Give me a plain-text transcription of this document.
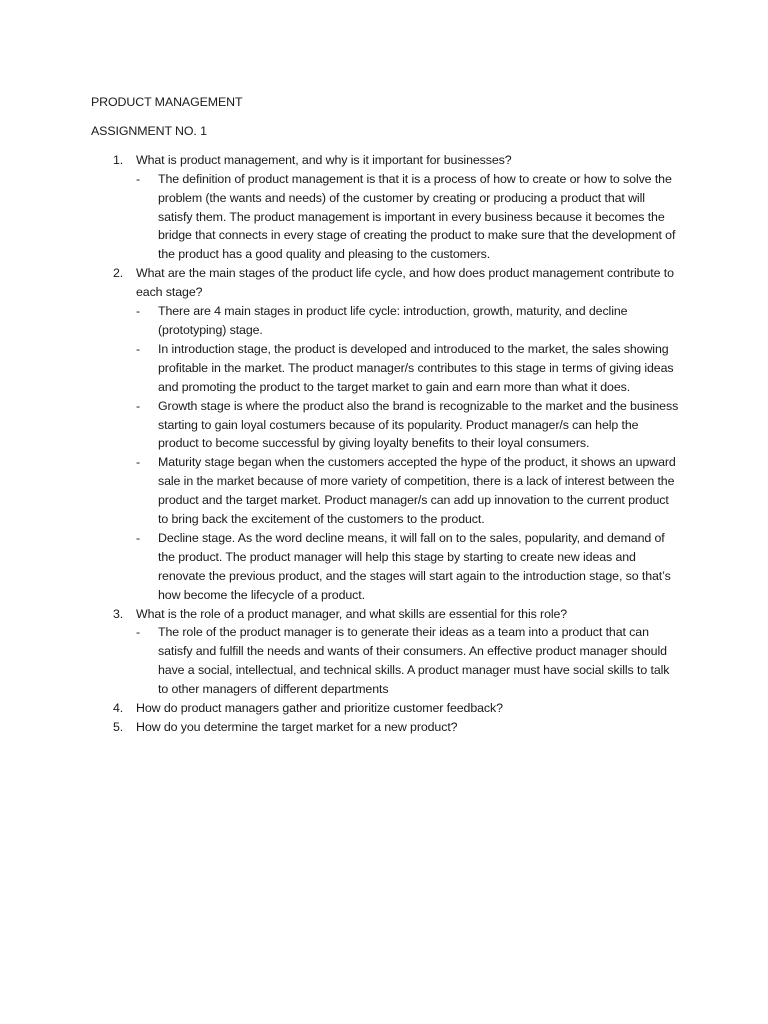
PRODUCT MANAGEMENT

ASSIGNMENT NO. 1

1. What is product management, and why is it important for businesses?
- The definition of product management is that it is a process of how to create or how to solve the problem (the wants and needs) of the customer by creating or producing a product that will satisfy them. The product management is important in every business because it becomes the bridge that connects in every stage of creating the product to make sure that the development of the product has a good quality and pleasing to the customers.
2. What are the main stages of the product life cycle, and how does product management contribute to each stage?
- There are 4 main stages in product life cycle: introduction, growth, maturity, and decline (prototyping) stage.
- In introduction stage, the product is developed and introduced to the market, the sales showing profitable in the market. The product manager/s contributes to this stage in terms of giving ideas and promoting the product to the target market to gain and earn more than what it does.
- Growth stage is where the product also the brand is recognizable to the market and the business starting to gain loyal costumers because of its popularity. Product manager/s can help the product to become successful by giving loyalty benefits to their loyal consumers.
- Maturity stage began when the customers accepted the hype of the product, it shows an upward sale in the market because of more variety of competition, there is a lack of interest between the product and the target market. Product manager/s can add up innovation to the current product to bring back the excitement of the customers to the product.
- Decline stage. As the word decline means, it will fall on to the sales, popularity, and demand of the product. The product manager will help this stage by starting to create new ideas and renovate the previous product, and the stages will start again to the introduction stage, so that’s how become the lifecycle of a product.
3. What is the role of a product manager, and what skills are essential for this role?
- The role of the product manager is to generate their ideas as a team into a product that can satisfy and fulfill the needs and wants of their consumers. An effective product manager should have a social, intellectual, and technical skills. A product manager must have social skills to talk to other managers of different departments
4. How do product managers gather and prioritize customer feedback?
5. How do you determine the target market for a new product?
